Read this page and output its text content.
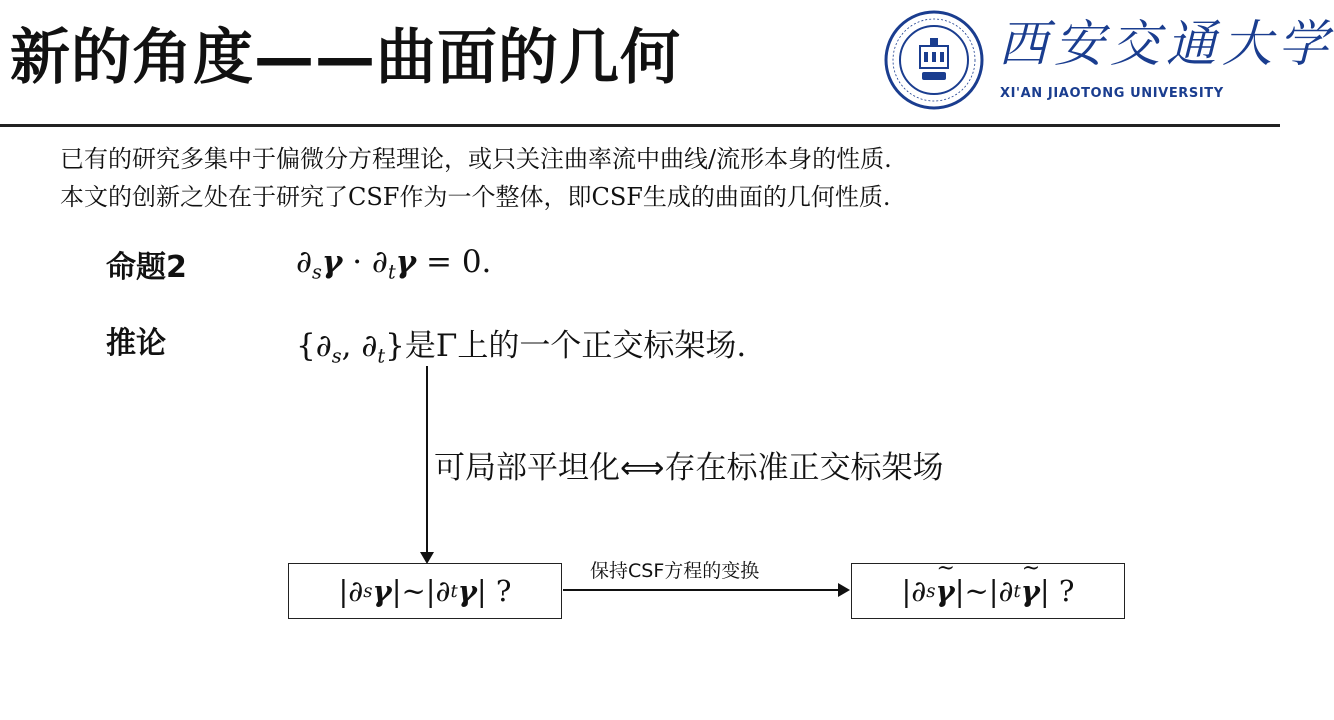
新的角度——曲面的几何	西安交通大学
XI'AN JIAOTONG UNIVERSITY
已有的研究多集中于偏微分方程理论，或只关注曲率流中曲线/流形本身的性质.
本文的创新之处在于研究了CSF作为一个整体，即CSF生成的曲面的几何性质.
命题2	$\partial_s\gamma \cdot \partial_t\gamma = 0$.
推论	{$\partial_s$, $\partial_t$}是Γ上的一个正交标架场.
可局部平坦化⟺存在标准正交标架场
|∂ s γ |~|∂ t γ | ?
保持CSF方程的变换
|∂ s ~ γ |~|∂ t ~ γ | ?
